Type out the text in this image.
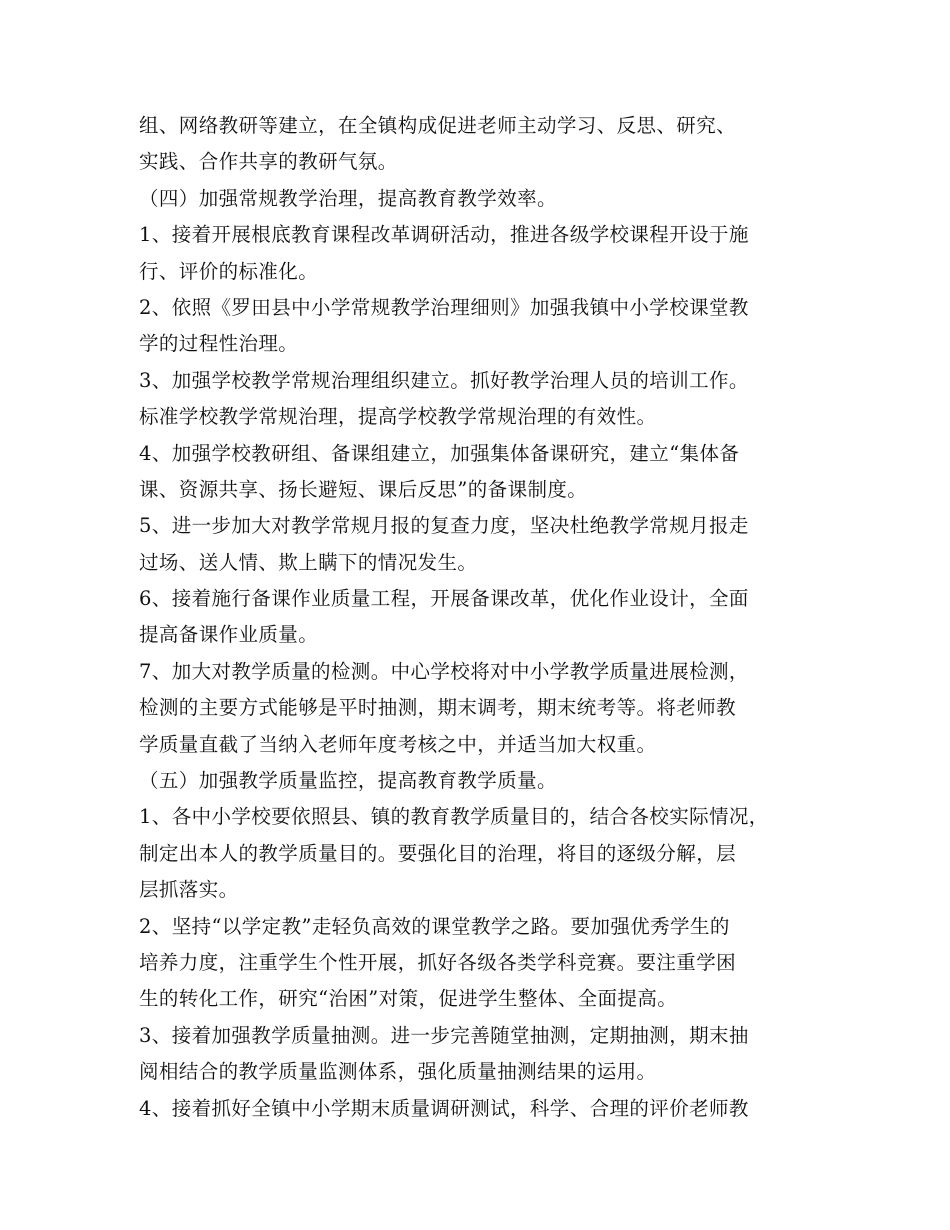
组、网络教研等建立，在全镇构成促进老师主动学习、反思、研究、
实践、合作共享的教研气氛。
（四）加强常规教学治理，提高教育教学效率。
1、接着开展根底教育课程改革调研活动，推进各级学校课程开设于施
行、评价的标准化。
2、依照《罗田县中小学常规教学治理细则》加强我镇中小学校课堂教
学的过程性治理。
3、加强学校教学常规治理组织建立。抓好教学治理人员的培训工作。
标准学校教学常规治理，提高学校教学常规治理的有效性。
4、加强学校教研组、备课组建立，加强集体备课研究，建立“集体备
课、资源共享、扬长避短、课后反思”的备课制度。
5、进一步加大对教学常规月报的复查力度，坚决杜绝教学常规月报走
过场、送人情、欺上瞒下的情况发生。
6、接着施行备课作业质量工程，开展备课改革，优化作业设计，全面
提高备课作业质量。
7、加大对教学质量的检测。中心学校将对中小学教学质量进展检测，
检测的主要方式能够是平时抽测，期末调考，期末统考等。将老师教
学质量直截了当纳入老师年度考核之中，并适当加大权重。
（五）加强教学质量监控，提高教育教学质量。
1、各中小学校要依照县、镇的教育教学质量目的，结合各校实际情况，
制定出本人的教学质量目的。要强化目的治理，将目的逐级分解，层
层抓落实。
2、坚持“以学定教”走轻负高效的课堂教学之路。要加强优秀学生的
培养力度，注重学生个性开展，抓好各级各类学科竞赛。要注重学困
生的转化工作，研究“治困”对策，促进学生整体、全面提高。
3、接着加强教学质量抽测。进一步完善随堂抽测，定期抽测，期末抽
阅相结合的教学质量监测体系，强化质量抽测结果的运用。
4、接着抓好全镇中小学期末质量调研测试，科学、合理的评价老师教
